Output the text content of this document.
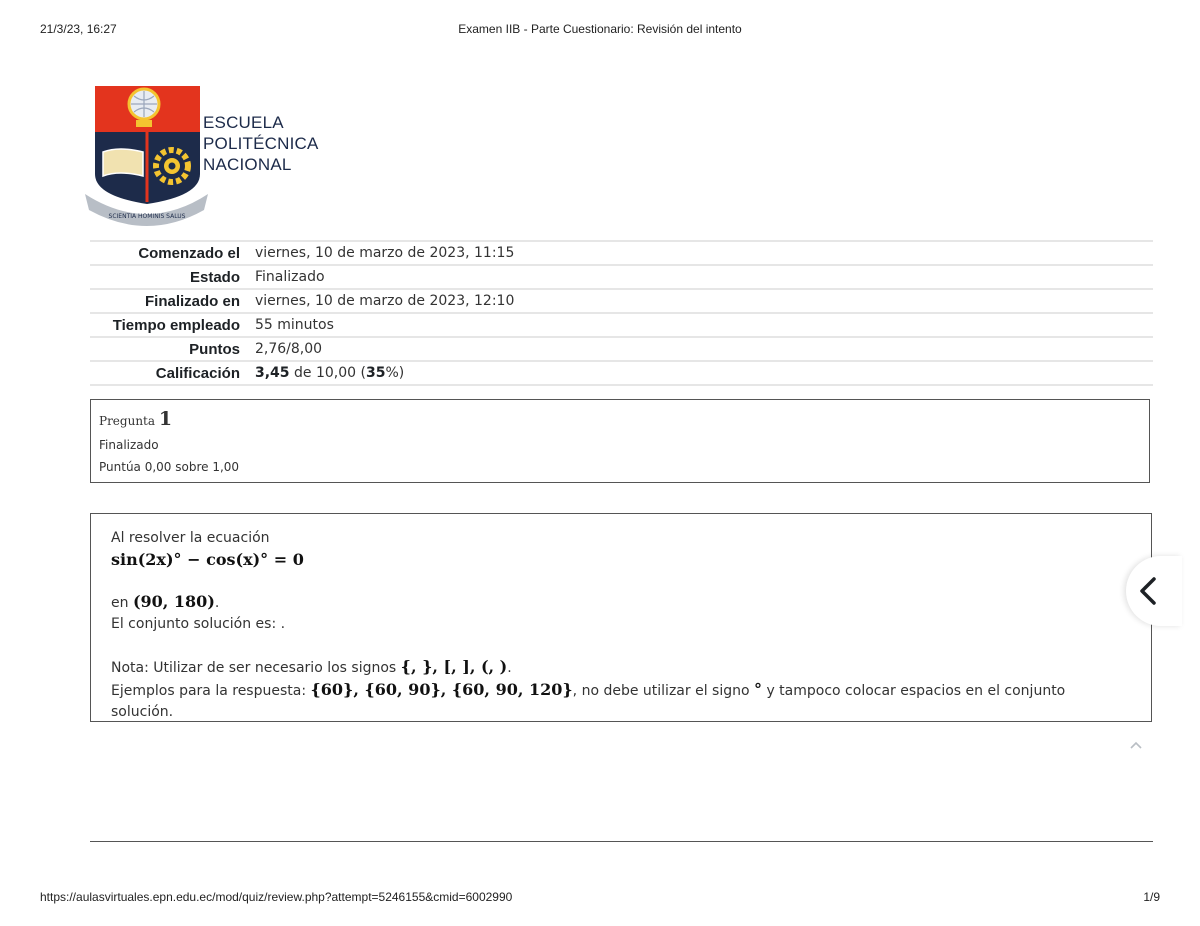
21/3/23, 16:27	Examen IIB - Parte Cuestionario: Revisión del intento
SCIENTIA HOMINIS SALUS
ESCUELA
POLITÉCNICA
NACIONAL
Comenzado el	viernes, 10 de marzo de 2023, 11:15
Estado	Finalizado
Finalizado en	viernes, 10 de marzo de 2023, 12:10
Tiempo empleado	55 minutos
Puntos	2,76/8,00
Calificación	3,45 de 10,00 (35%)
Pregunta 1
Finalizado
Puntúa 0,00 sobre 1,00
Al resolver la ecuación
sin(2x)° − cos(x)° = 0
en (90, 180).
El conjunto solución es: .
Nota: Utilizar de ser necesario los signos {, }, [, ], (, ).
Ejemplos para la respuesta: {60}, {60, 90}, {60, 90, 120}, no debe utilizar el signo ° y tampoco colocar espacios en el conjunto solución.
https://aulasvirtuales.epn.edu.ec/mod/quiz/review.php?attempt=5246155&cmid=6002990	1/9
